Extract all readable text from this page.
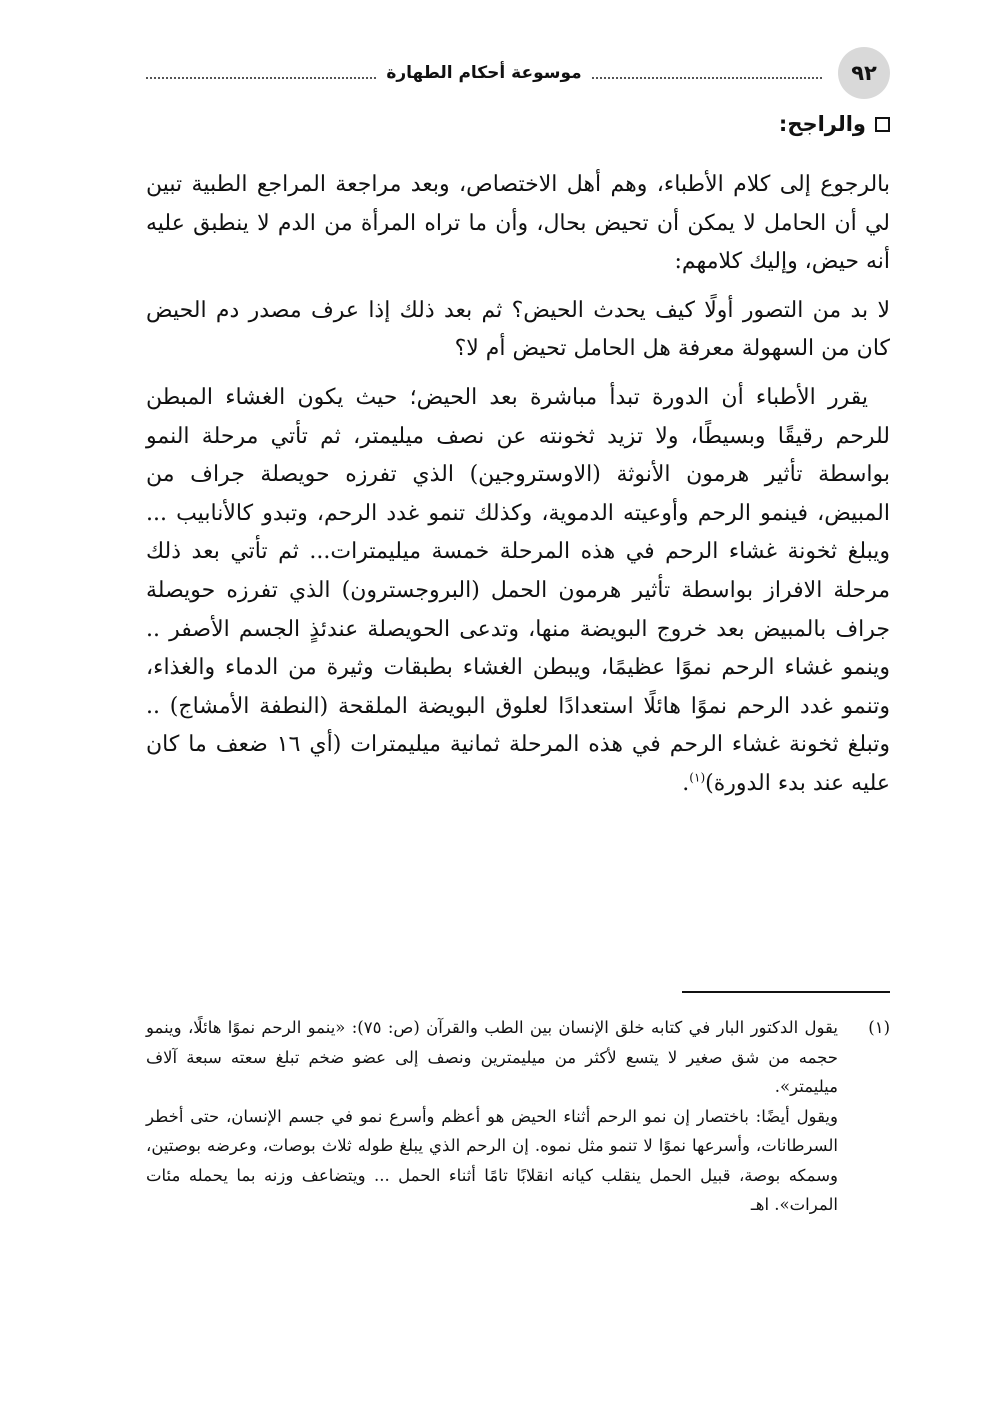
٩٢
موسوعة أحكام الطهارة
والراجح:

بالرجوع إلى كلام الأطباء، وهم أهل الاختصاص، وبعد مراجعة المراجع الطبية تبين لي أن الحامل لا يمكن أن تحيض بحال، وأن ما تراه المرأة من الدم لا ينطبق عليه أنه حيض، وإليك كلامهم:

لا بد من التصور أولًا كيف يحدث الحيض؟ ثم بعد ذلك إذا عرف مصدر دم الحيض كان من السهولة معرفة هل الحامل تحيض أم لا؟

يقرر الأطباء أن الدورة تبدأ مباشرة بعد الحيض؛ حيث يكون الغشاء المبطن للرحم رقيقًا وبسيطًا، ولا تزيد ثخونته عن نصف ميليمتر، ثم تأتي مرحلة النمو بواسطة تأثير هرمون الأنوثة (الاوستروجين) الذي تفرزه حويصلة جراف من المبيض، فينمو الرحم وأوعيته الدموية، وكذلك تنمو غدد الرحم، وتبدو كالأنابيب ... ويبلغ ثخونة غشاء الرحم في هذه المرحلة خمسة ميليمترات... ثم تأتي بعد ذلك مرحلة الافراز بواسطة تأثير هرمون الحمل (البروجسترون) الذي تفرزه حويصلة جراف بالمبيض بعد خروج البويضة منها، وتدعى الحويصلة عندئذٍ الجسم الأصفر .. وينمو غشاء الرحم نموًا عظيمًا، ويبطن الغشاء بطبقات وثيرة من الدماء والغذاء، وتنمو غدد الرحم نموًا هائلًا استعدادًا لعلوق البويضة الملقحة (النطفة الأمشاج) .. وتبلغ ثخونة غشاء الرحم في هذه المرحلة ثمانية ميليمترات (أي ١٦ ضعف ما كان عليه عند بدء الدورة)$^{(١)}$.

(١)

يقول الدكتور البار في كتابه خلق الإنسان بين الطب والقرآن (ص: ٧٥): «ينمو الرحم نموًا هائلًا، وينمو حجمه من شق صغير لا يتسع لأكثر من ميليمترين ونصف إلى عضو ضخم تبلغ سعته سبعة آلاف ميليمتر».

ويقول أيضًا: باختصار إن نمو الرحم أثناء الحيض هو أعظم وأسرع نمو في جسم الإنسان، حتى أخطر السرطانات، وأسرعها نموًا لا تنمو مثل نموه. إن الرحم الذي يبلغ طوله ثلاث بوصات، وعرضه بوصتين، وسمكه بوصة، قبيل الحمل ينقلب كيانه انقلابًا تامًا أثناء الحمل ... ويتضاعف وزنه بما يحمله مئات المرات». اهـ
